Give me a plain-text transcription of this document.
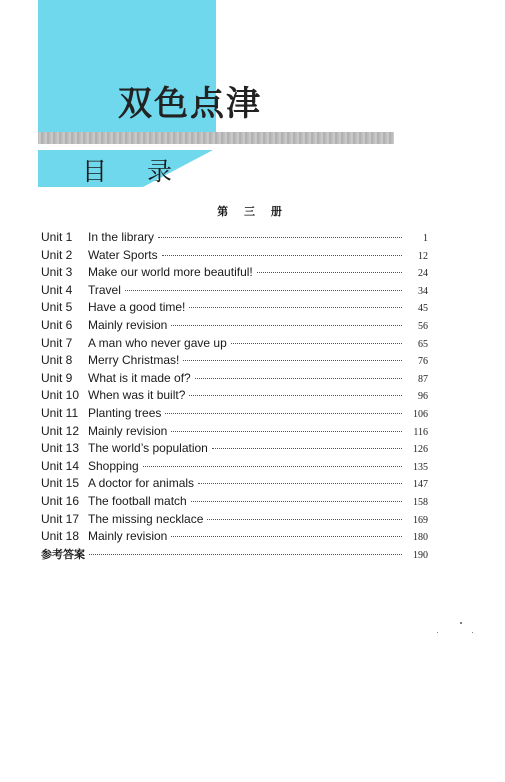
双色点津
目 录
第 三 册
Unit 1	In the library	1
Unit 2	Water Sports	12
Unit 3	Make our world more beautiful!	24
Unit 4	Travel	34
Unit 5	Have a good time!	45
Unit 6	Mainly revision	56
Unit 7	A man who never gave up	65
Unit 8	Merry Christmas!	76
Unit 9	What is it made of?	87
Unit 10 When was it built?	96
Unit 11 Planting trees	106
Unit 12 Mainly revision	116
Unit 13 The world’s population	126
Unit 14 Shopping	135
Unit 15 A doctor for animals	147
Unit 16 The football match	158
Unit 17 The missing necklace	169
Unit 18 Mainly revision	180
参考答案	190
